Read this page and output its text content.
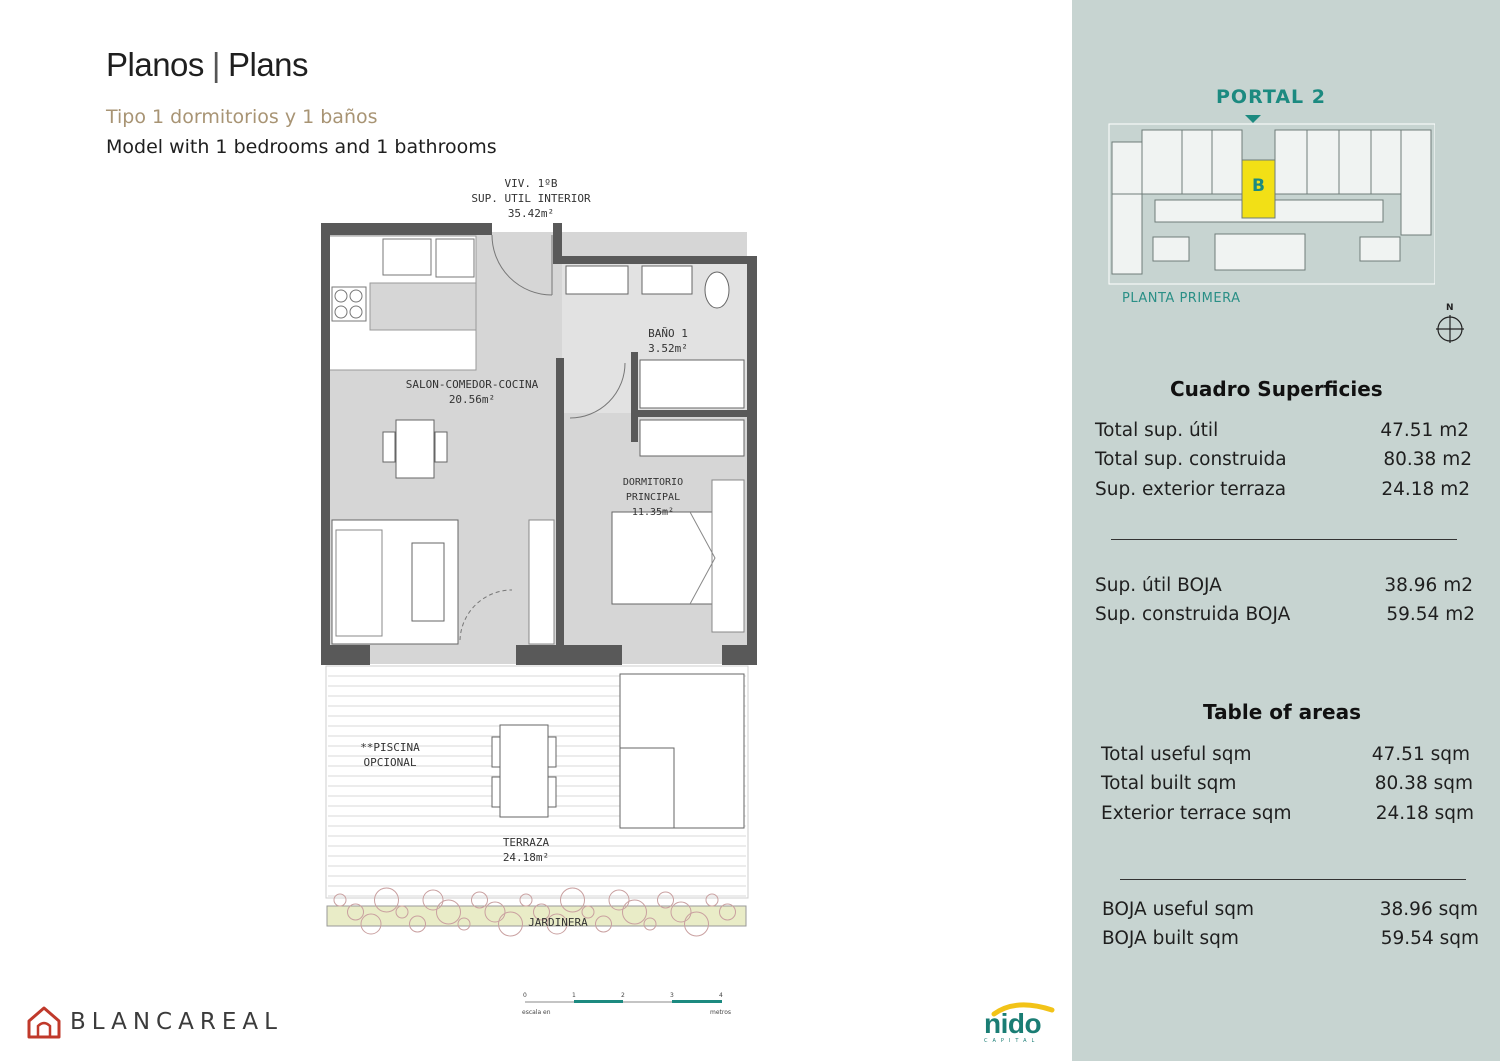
Planos | Plans
Tipo 1 dormitorios y 1 baños
Model with 1 bedrooms and 1 bathrooms
VIV. 1ºB
SUP. UTIL INTERIOR
35.42m²
SALON-COMEDOR-COCINA
20.56m²
BAÑO 1
3.52m²
DORMITORIO PRINCIPAL
11.35m²
TERRAZA
24.18m²
**PISCINA
OPCIONAL
JARDINERA
0	1	2	3	4
escala en	metros
BLANCAREAL	nido
CAPITAL
PORTAL 2
B
PLANTA PRIMERA
N
Cuadro Superficies
Total sup. útil	47.51 m2
Total sup. construida	80.38 m2
Sup. exterior terraza	24.18 m2
Sup. útil BOJA	38.96 m2
Sup. construida BOJA	59.54 m2
Table of areas
Total useful sqm	47.51 sqm
Total built sqm	80.38 sqm
Exterior terrace sqm	24.18 sqm
BOJA useful sqm	38.96 sqm
BOJA built sqm	59.54 sqm
